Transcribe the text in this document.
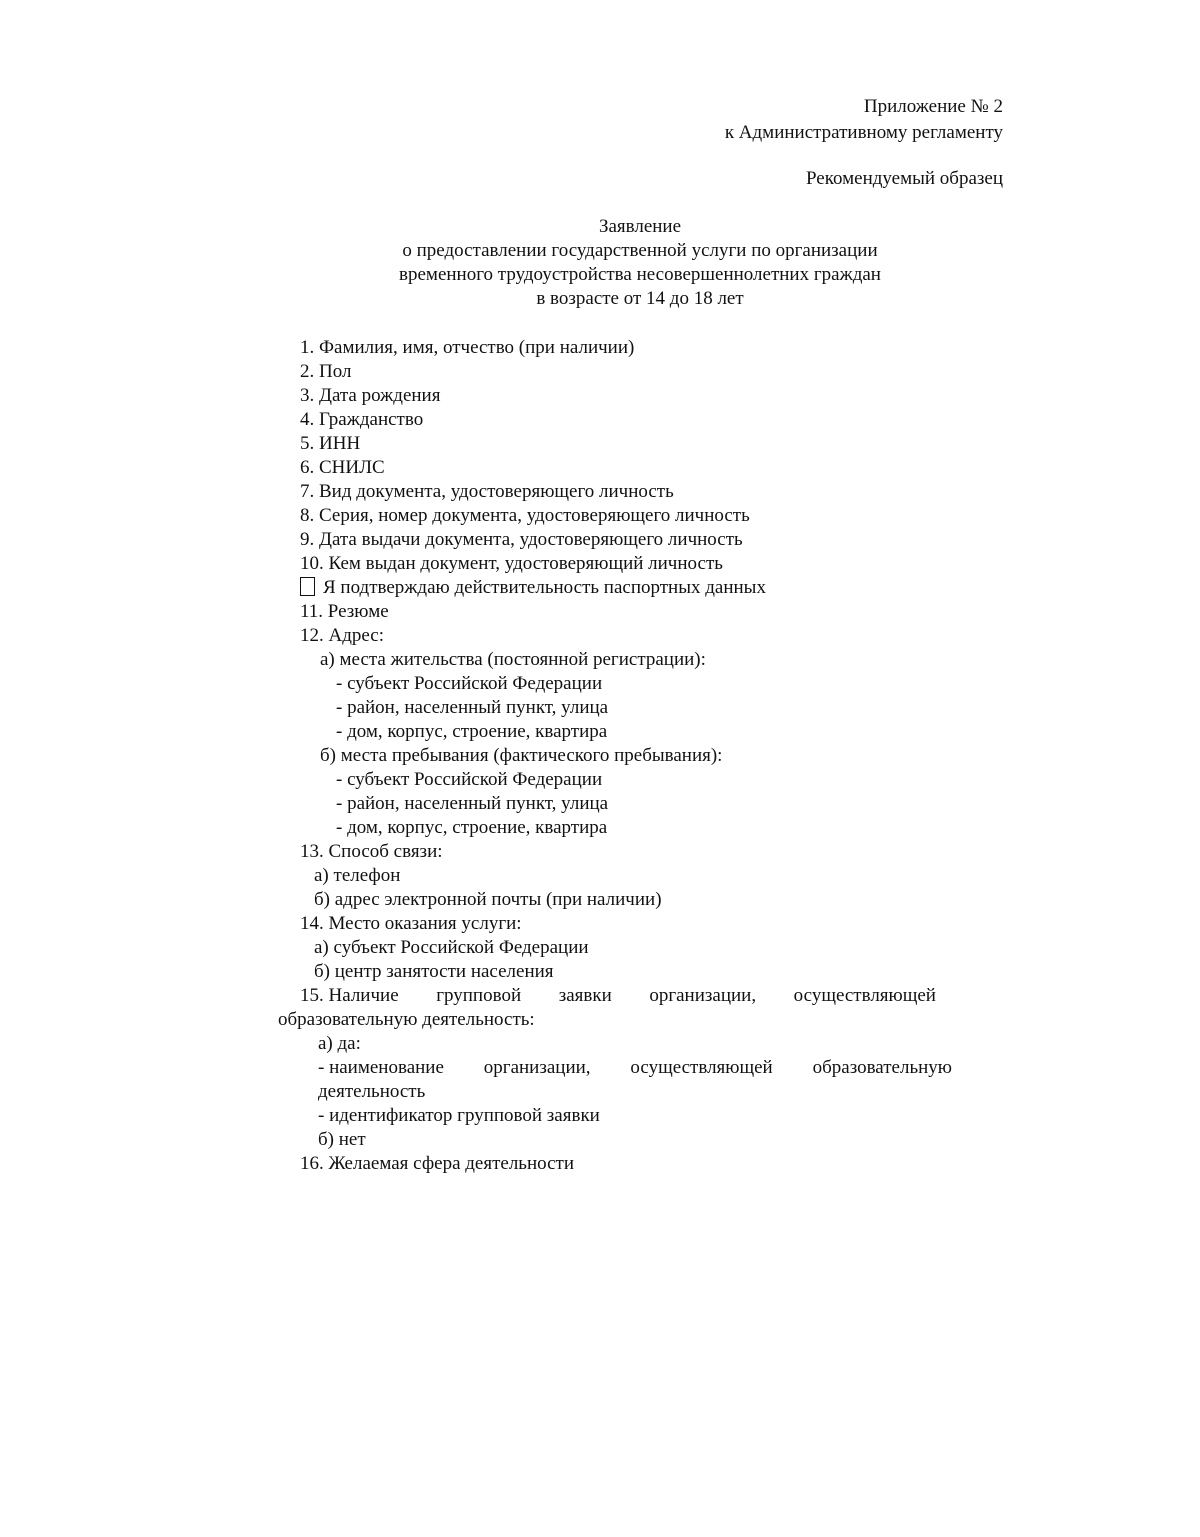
Приложение № 2
к Административному регламенту
Рекомендуемый образец
Заявление
о предоставлении государственной услуги по организации
временного трудоустройства несовершеннолетних граждан
в возрасте от 14 до 18 лет
1. Фамилия, имя, отчество (при наличии)
2. Пол
3. Дата рождения
4. Гражданство
5. ИНН
6. СНИЛС
7. Вид документа, удостоверяющего личность
8. Серия, номер документа, удостоверяющего личность
9. Дата выдачи документа, удостоверяющего личность
10. Кем выдан документ, удостоверяющий личность
Я подтверждаю действительность паспортных данных
11. Резюме
12. Адрес:
а) места жительства (постоянной регистрации):
- субъект Российской Федерации
- район, населенный пункт, улица
- дом, корпус, строение, квартира
б) места пребывания (фактического пребывания):
- субъект Российской Федерации
- район, населенный пункт, улица
- дом, корпус, строение, квартира
13. Способ связи:
а) телефон
б) адрес электронной почты (при наличии)
14. Место оказания услуги:
а) субъект Российской Федерации
б) центр занятости населения
15. Наличие групповой заявки организации, осуществляющей
образовательную деятельность:
а) да:
- наименование организации, осуществляющей образовательную
деятельность
- идентификатор групповой заявки
б) нет
16. Желаемая сфера деятельности
